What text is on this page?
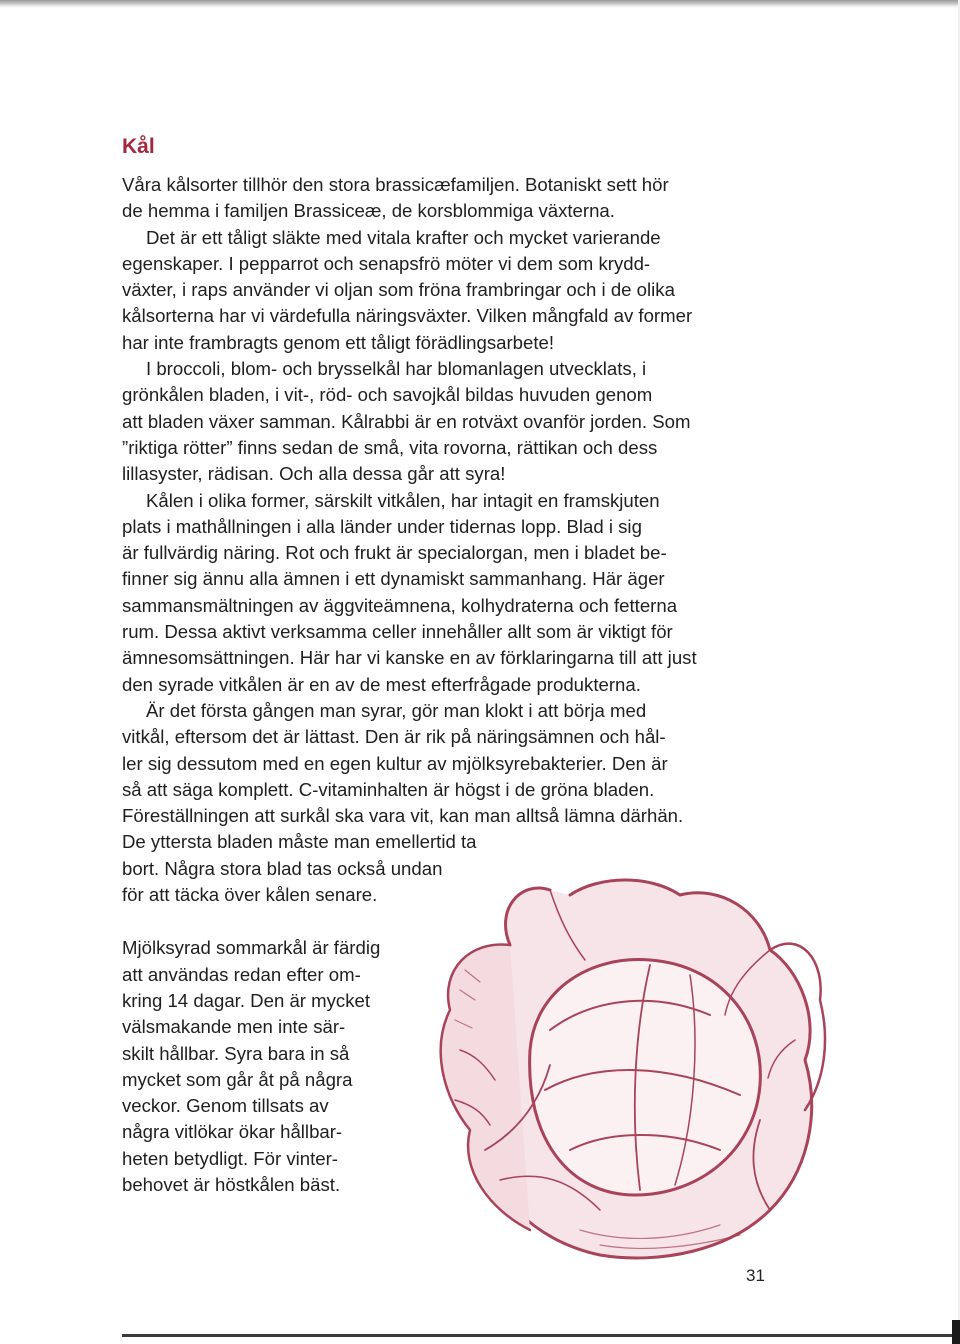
Kål
Våra kålsorter tillhör den stora brassicæfamiljen. Botaniskt sett hör
de hemma i familjen Brassiceæ, de korsblommiga växterna.
Det är ett tåligt släkte med vitala krafter och mycket varierande
egenskaper. I pepparrot och senapsfrö möter vi dem som krydd-
växter, i raps använder vi oljan som fröna frambringar och i de olika
kålsorterna har vi värdefulla näringsväxter. Vilken mångfald av former
har inte frambragts genom ett tåligt förädlingsarbete!
I broccoli, blom- och brysselkål har blomanlagen utvecklats, i
grönkålen bladen, i vit-, röd- och savojkål bildas huvuden genom
att bladen växer samman. Kålrabbi är en rotväxt ovanför jorden. Som
”riktiga rötter” finns sedan de små, vita rovorna, rättikan och dess
lillasyster, rädisan. Och alla dessa går att syra!
Kålen i olika former, särskilt vitkålen, har intagit en framskjuten
plats i mathållningen i alla länder under tidernas lopp. Blad i sig
är fullvärdig näring. Rot och frukt är specialorgan, men i bladet be-
finner sig ännu alla ämnen i ett dynamiskt sammanhang. Här äger
sammansmältningen av äggviteämnena, kolhydraterna och fetterna
rum. Dessa aktivt verksamma celler innehåller allt som är viktigt för
ämnesomsättningen. Här har vi kanske en av förklaringarna till att just
den syrade vitkålen är en av de mest efterfrågade produkterna.
Är det första gången man syrar, gör man klokt i att börja med
vitkål, eftersom det är lättast. Den är rik på näringsämnen och hål-
ler sig dessutom med en egen kultur av mjölksyrebakterier. Den är
så att säga komplett. C-vitaminhalten är högst i de gröna bladen.
Föreställningen att surkål ska vara vit, kan man alltså lämna därhän.
De yttersta bladen måste man emellertid ta
bort. Några stora blad tas också undan
för att täcka över kålen senare.
Mjölksyrad sommarkål är färdig
att användas redan efter om-
kring 14 dagar. Den är mycket
välsmakande men inte sär-
skilt hållbar. Syra bara in så
mycket som går åt på några
veckor. Genom tillsats av
några vitlökar ökar hållbar-
heten betydligt. För vinter-
behovet är höstkålen bäst.
31
